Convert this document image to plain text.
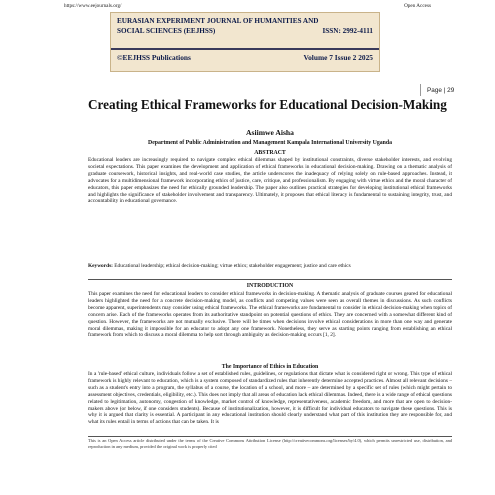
https://www.eejournals.org/	Open Access
EURASIAN EXPERIMENT JOURNAL OF HUMANITIES AND
SOCIAL SCIENCES (EEJHSS)	ISSN: 2992-4111
©EEJHSS Publications	Volume 7 Issue 2 2025
Page | 29
Creating Ethical Frameworks for Educational Decision-Making
Asiimwe Aisha
Department of Public Administration and Management Kampala International University Uganda
ABSTRACT
Educational leaders are increasingly required to navigate complex ethical dilemmas shaped by institutional constraints, diverse stakeholder interests, and evolving societal expectations. This paper examines the development and application of ethical frameworks in educational decision-making. Drawing on a thematic analysis of graduate coursework, historical insights, and real-world case studies, the article underscores the inadequacy of relying solely on rule-based approaches. Instead, it advocates for a multidimensional framework incorporating ethics of justice, care, critique, and professionalism. By engaging with virtue ethics and the moral character of educators, this paper emphasizes the need for ethically grounded leadership. The paper also outlines practical strategies for developing institutional ethical frameworks and highlights the significance of stakeholder involvement and transparency. Ultimately, it proposes that ethical literacy is fundamental to sustaining integrity, trust, and accountability in educational governance.
Keywords: Educational leadership; ethical decision-making; virtue ethics; stakeholder engagement; justice and care ethics
INTRODUCTION
This paper examines the need for educational leaders to consider ethical frameworks in decision-making. A thematic analysis of graduate courses geared for educational leaders highlighted the need for a concrete decision-making model, as conflicts and competing values were seen as overall themes in discussions. As such conflicts become apparent, superintendents may consider using ethical frameworks. The ethical frameworks are fundamental to consider in ethical decision-making when topics of concern arise. Each of the frameworks operates from its authoritative standpoint on potential questions of ethics. They are concerned with a somewhat different kind of question. However, the frameworks are not mutually exclusive. There will be times when decisions involve ethical considerations in more than one way and generate moral dilemmas, making it impossible for an educator to adopt any one framework. Nonetheless, they serve as starting points ranging from establishing an ethical framework from which to discuss a moral dilemma to help sort through ambiguity as decision-making occurs [1, 2].
The Importance of Ethics in Education
In a 'rule-based' ethical culture, individuals follow a set of established rules, guidelines, or regulations that dictate what is considered right or wrong. This type of ethical framework is highly relevant to education, which is a system composed of standardized rules that inherently determine accepted practices. Almost all relevant decisions – such as a student's entry into a program, the syllabus of a course, the location of a school, and more – are determined by a specific set of rules (which might pertain to assessment objectives, credentials, eligibility, etc.). This does not imply that all areas of education lack ethical dilemmas. Indeed, there is a wide range of ethical questions related to legitimation, autonomy, congestion of knowledge, market control of knowledge, representativeness, academic freedom, and more that are open to decision-makers above (or below, if one considers students). Because of institutionalization, however, it is difficult for individual educators to navigate these questions. This is why it is argued that clarity is essential. A participant in any educational institution should clearly understand what part of this institution they are responsible for, and what its rules entail in terms of actions that can be taken. It is
This is an Open Access article distributed under the terms of the Creative Commons Attribution License (http://creativecommons.org/licenses/by/4.0), which permits unrestricted use, distribution, and reproduction in any medium, provided the original work is properly cited
